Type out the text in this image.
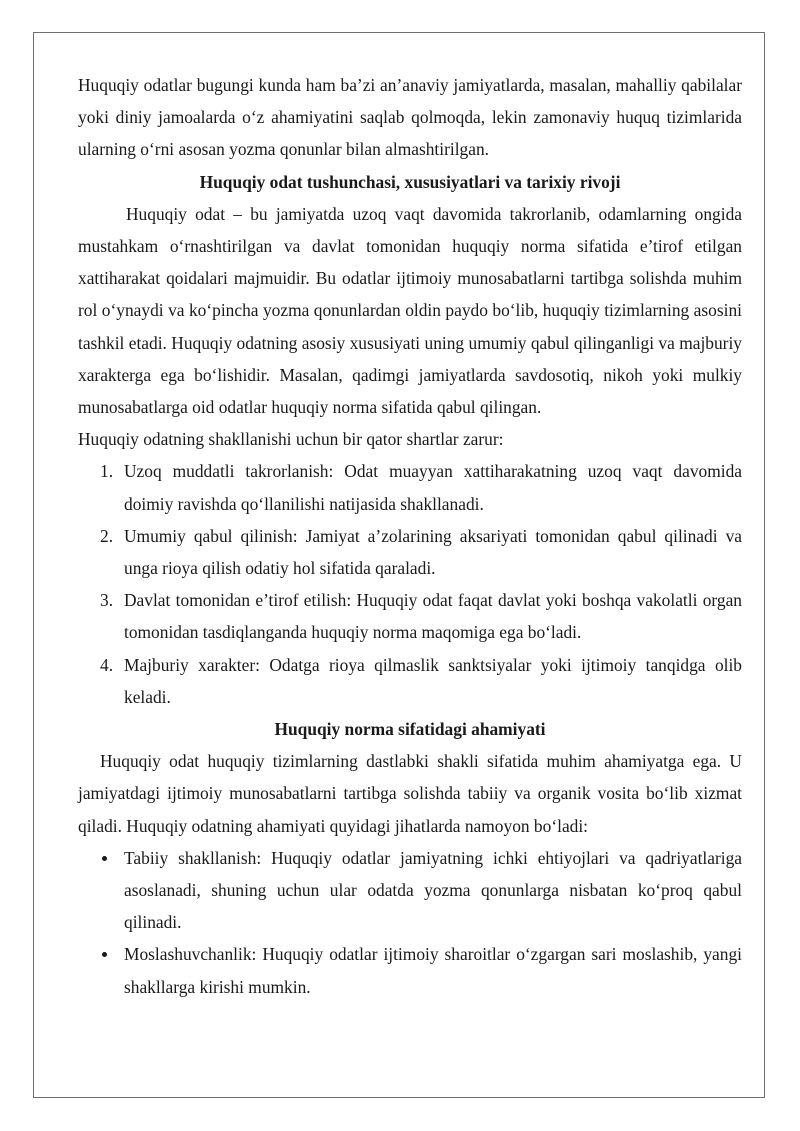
Huquqiy odatlar bugungi kunda ham ba’zi an’anaviy jamiyatlarda, masalan, mahalliy qabilalar yoki diniy jamoalarda o‘z ahamiyatini saqlab qolmoqda, lekin zamonaviy huquq tizimlarida ularning o‘rni asosan yozma qonunlar bilan almashtirilgan.

Huquqiy odat tushunchasi, xususiyatlari va tarixiy rivoji

Huquqiy odat – bu jamiyatda uzoq vaqt davomida takrorlanib, odamlarning ongida mustahkam o‘rnashtirilgan va davlat tomonidan huquqiy norma sifatida e’tirof etilgan xattiharakat qoidalari majmuidir. Bu odatlar ijtimoiy munosabatlarni tartibga solishda muhim rol o‘ynaydi va ko‘pincha yozma qonunlardan oldin paydo bo‘lib, huquqiy tizimlarning asosini tashkil etadi. Huquqiy odatning asosiy xususiyati uning umumiy qabul qilinganligi va majburiy xarakterga ega bo‘lishidir. Masalan, qadimgi jamiyatlarda savdosotiq, nikoh yoki mulkiy munosabatlarga oid odatlar huquqiy norma sifatida qabul qilingan.

Huquqiy odatning shakllanishi uchun bir qator shartlar zarur:

1. Uzoq muddatli takrorlanish: Odat muayyan xattiharakatning uzoq vaqt davomida doimiy ravishda qo‘llanilishi natijasida shakllanadi.
2. Umumiy qabul qilinish: Jamiyat a’zolarining aksariyati tomonidan qabul qilinadi va unga rioya qilish odatiy hol sifatida qaraladi.
3. Davlat tomonidan e’tirof etilish: Huquqiy odat faqat davlat yoki boshqa vakolatli organ tomonidan tasdiqlanganda huquqiy norma maqomiga ega bo‘ladi.
4. Majburiy xarakter: Odatga rioya qilmaslik sanktsiyalar yoki ijtimoiy tanqidga olib keladi.
Huquqiy norma sifatidagi ahamiyati

Huquqiy odat huquqiy tizimlarning dastlabki shakli sifatida muhim ahamiyatga ega. U jamiyatdagi ijtimoiy munosabatlarni tartibga solishda tabiiy va organik vosita bo‘lib xizmat qiladi. Huquqiy odatning ahamiyati quyidagi jihatlarda namoyon bo‘ladi:

Tabiiy shakllanish: Huquqiy odatlar jamiyatning ichki ehtiyojlari va qadriyatlariga asoslanadi, shuning uchun ular odatda yozma qonunlarga nisbatan ko‘proq qabul qilinadi.
Moslashuvchanlik: Huquqiy odatlar ijtimoiy sharoitlar o‘zgargan sari moslashib, yangi shakllarga kirishi mumkin.
